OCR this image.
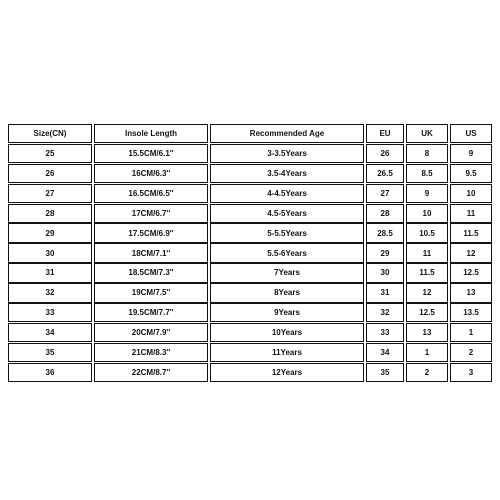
Size(CN)	Insole Length	Recommended Age	EU	UK	US
25	15.5CM/6.1''	3-3.5Years	26	8	9
26	16CM/6.3''	3.5-4Years	26.5	8.5	9.5
27	16.5CM/6.5''	4-4.5Years	27	9	10
28	17CM/6.7''	4.5-5Years	28	10	11
29	17.5CM/6.9''	5-5.5Years	28.5	10.5	11.5
30	18CM/7.1''	5.5-6Years	29	11	12
31	18.5CM/7.3''	7Years	30	11.5	12.5
32	19CM/7.5''	8Years	31	12	13
33	19.5CM/7.7''	9Years	32	12.5	13.5
34	20CM/7.9''	10Years	33	13	1
35	21CM/8.3''	11Years	34	1	2
36	22CM/8.7''	12Years	35	2	3
